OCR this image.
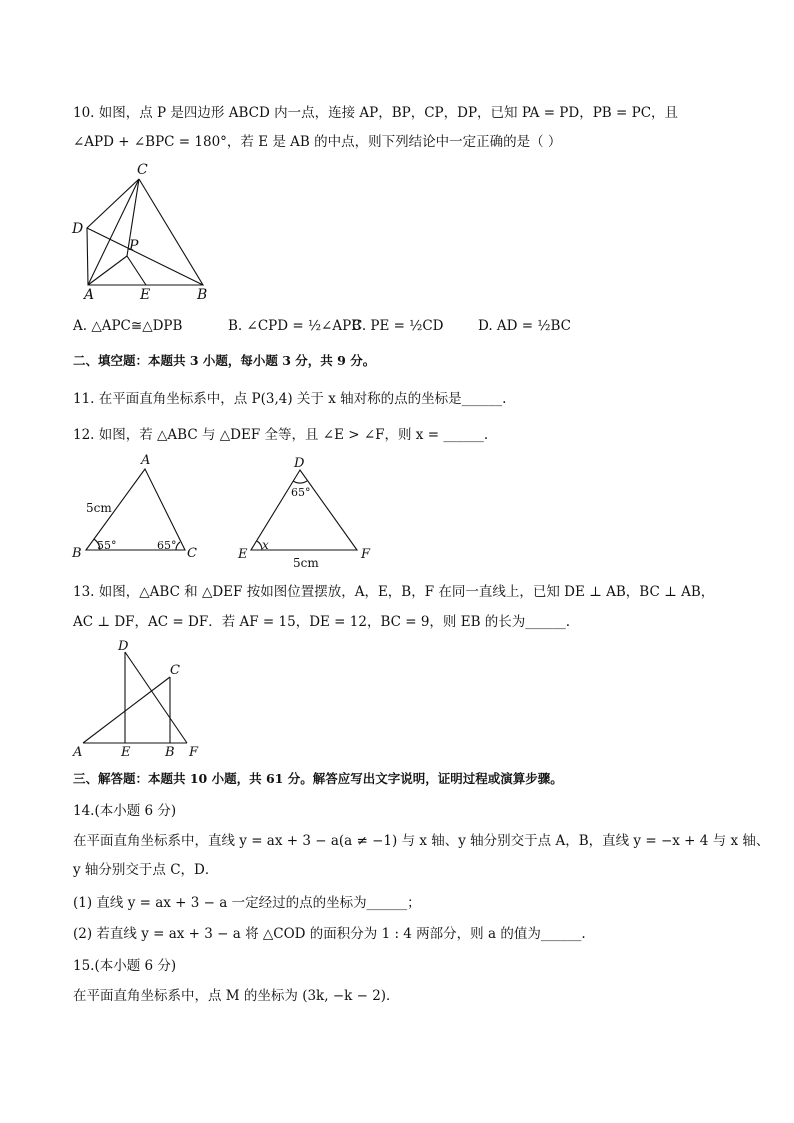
10. 如图，点 P 是四边形 ABCD 内一点，连接 AP，BP，CP，DP，已知 PA = PD，PB = PC，且
∠APD + ∠BPC = 180°，若 E 是 AB 的中点，则下列结论中一定正确的是（ ）
C
D
P
A	E	B
A. △APC≅△DPB	B. ∠CPD = ½∠APB
C. PE = ½CD	D. AD = ½BC
二、填空题：本题共 3 小题，每小题 3 分，共 9 分。
11. 在平面直角坐标系中，点 P(3,4) 关于 x 轴对称的点的坐标是______.
12. 如图，若 △ABC 与 △DEF 全等，且 ∠E > ∠F，则 x = ______.
A
B	C
5cm
55°	65°
D
E	F
65°
x
5cm
13. 如图，△ABC 和 △DEF 按如图位置摆放，A，E，B，F 在同一直线上，已知 DE ⊥ AB，BC ⊥ AB，
AC ⊥ DF，AC = DF．若 AF = 15，DE = 12，BC = 9，则 EB 的长为______.
D
C
A	E	B F
三、解答题：本题共 10 小题，共 61 分。解答应写出文字说明，证明过程或演算步骤。
14.(本小题 6 分)
在平面直角坐标系中，直线 y = ax + 3 − a(a ≠ −1) 与 x 轴、y 轴分别交于点 A，B，直线 y = −x + 4 与 x 轴、
y 轴分别交于点 C，D．
(1) 直线 y = ax + 3 − a 一定经过的点的坐标为______；
(2) 若直线 y = ax + 3 − a 将 △COD 的面积分为 1 : 4 两部分，则 a 的值为______.
15.(本小题 6 分)
在平面直角坐标系中，点 M 的坐标为 (3k, −k − 2)．
